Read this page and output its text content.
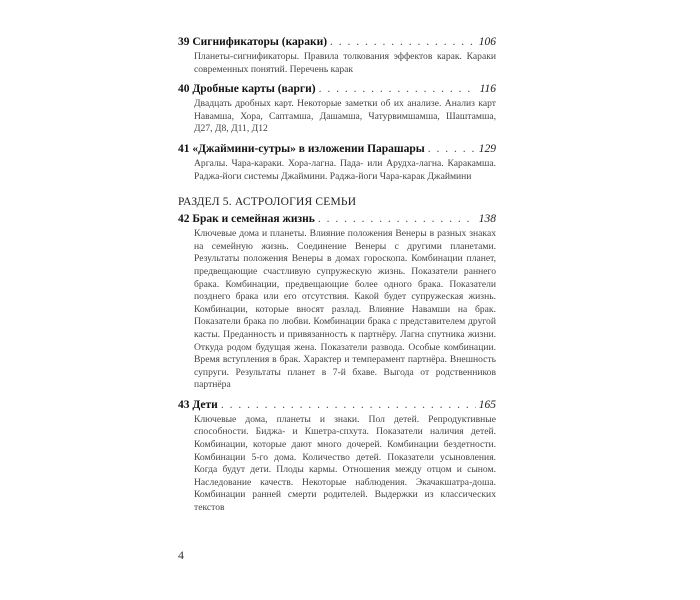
39 Сигнификаторы (караки) . . .	106
Планеты-сигнификаторы. Правила толкования эффектов карак. Караки современных понятий. Перечень карак
40 Дробные карты (варги) . . .	116
Двадцать дробных карт. Некоторые заметки об их анализе. Анализ карт Навамша, Хора, Саптамша, Дашамша, Чатурвимшамша, Шаштамша, Д27, Д8, Д11, Д12
41 «Джаймини-сутры» в изложении Парашары . . .	129
Аргалы. Чара-караки. Хора-лагна. Пада- или Арудха-лагна. Каракамша. Раджа-йоги системы Джаймини. Раджа-йоги Чара-карак Джаймини
РАЗДЕЛ 5. АСТРОЛОГИЯ СЕМЬИ
42 Брак и семейная жизнь . . .	138
Ключевые дома и планеты. Влияние положения Венеры в разных знаках на семейную жизнь. Соединение Венеры с другими планетами. Результаты положения Венеры в домах гороскопа. Комбинации планет, предвещающие счастливую супружескую жизнь. Показатели раннего брака. Комбинации, предвещающие более одного брака. Показатели позднего брака или его отсутствия. Какой будет супружеская жизнь. Комбинации, которые вносят разлад. Влияние Навамши на брак. Показатели брака по любви. Комбинации брака с представителем другой касты. Преданность и привязанность к партнёру. Лагна спутника жизни. Откуда родом будущая жена. Показатели развода. Особые комбинации. Время вступления в брак. Характер и темперамент партнёра. Внешность супруги. Результаты планет в 7-й бхаве. Выгода от родственников партнёра
43 Дети . . .	165
Ключевые дома, планеты и знаки. Пол детей. Репродуктивные способности. Биджа- и Кшетра-спхута. Показатели наличия детей. Комбинации, которые дают много дочерей. Комбинации бездетности. Комбинации 5-го дома. Количество детей. Показатели усыновления. Когда будут дети. Плоды кармы. Отношения между отцом и сыном. Наследование качеств. Некоторые наблюдения. Экачакшатра-доша. Комбинации ранней смерти родителей. Выдержки из классических текстов
4
